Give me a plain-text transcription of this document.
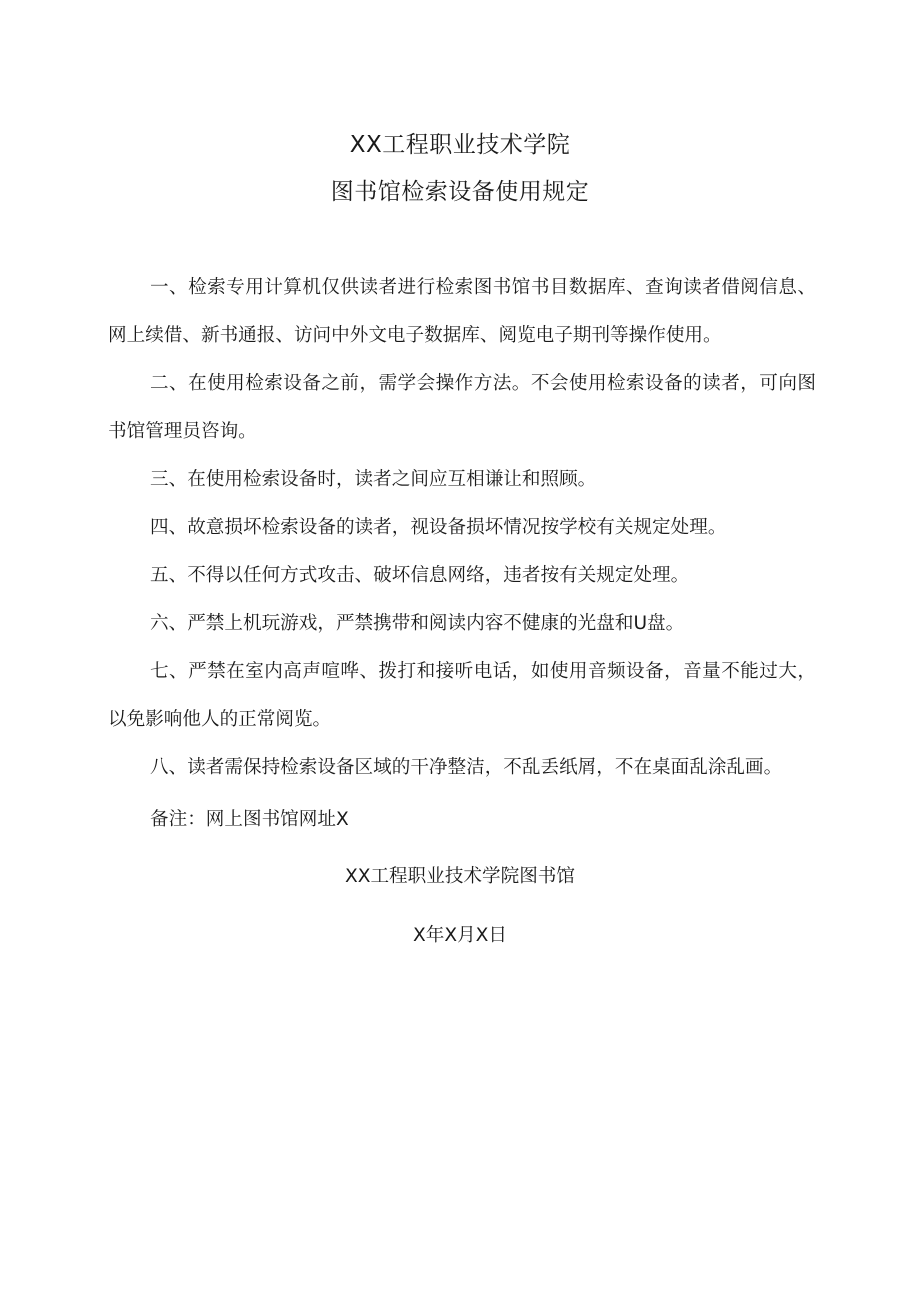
XX工程职业技术学院
图书馆检索设备使用规定

一、检索专用计算机仅供读者进行检索图书馆书目数据库、查询读者借阅信息、网上续借、新书通报、访问中外文电子数据库、阅览电子期刊等操作使用。

二、在使用检索设备之前，需学会操作方法。不会使用检索设备的读者，可向图书馆管理员咨询。

三、在使用检索设备时，读者之间应互相谦让和照顾。

四、故意损坏检索设备的读者，视设备损坏情况按学校有关规定处理。

五、不得以任何方式攻击、破坏信息网络，违者按有关规定处理。

六、严禁上机玩游戏，严禁携带和阅读内容不健康的光盘和U盘。

七、严禁在室内高声喧哗、拨打和接听电话，如使用音频设备，音量不能过大，以免影响他人的正常阅览。

八、读者需保持检索设备区域的干净整洁，不乱丢纸屑，不在桌面乱涂乱画。

备注：网上图书馆网址X

XX工程职业技术学院图书馆
X年X月X日
